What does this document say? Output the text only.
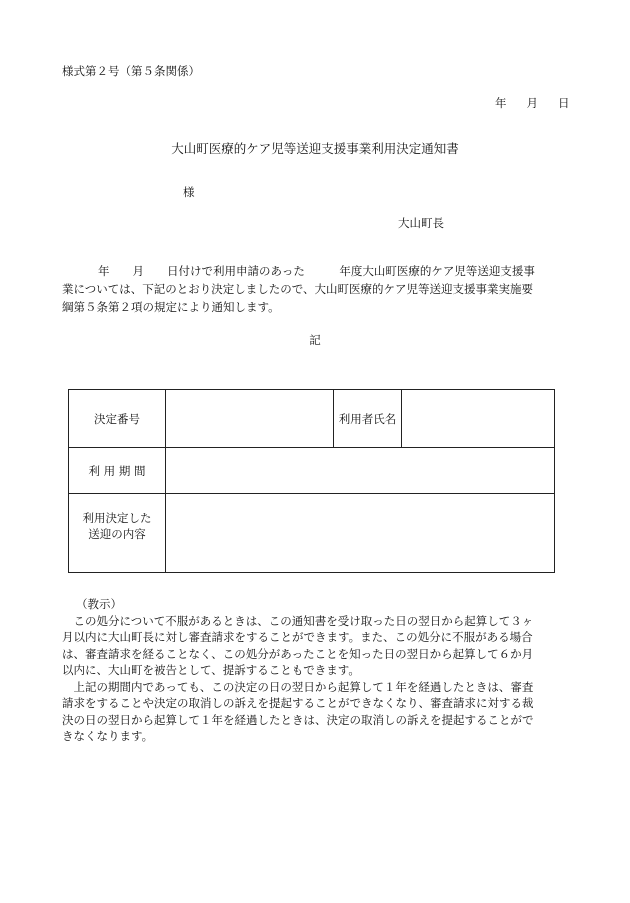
様式第２号（第５条関係）
年 月 日
大山町医療的ケア児等送迎支援事業利用決定通知書
様
大山町長
年　　月　　日付けで利用申請のあった　　　年度大山町医療的ケア児等送迎支援事
業については、下記のとおり決定しましたので、大山町医療的ケア児等送迎支援事業実施要
綱第５条第２項の規定により通知します。
記
決定番号		利用者氏名	
利 用 期 間			

利用決定した
送迎の内容			

（教示）
　この処分について不服があるときは、この通知書を受け取った日の翌日から起算して３ヶ
月以内に大山町長に対し審査請求をすることができます。また、この処分に不服がある場合
は、審査請求を経ることなく、この処分があったことを知った日の翌日から起算して６か月
以内に、大山町を被告として、提訴することもできます。
　上記の期間内であっても、この決定の日の翌日から起算して１年を経過したときは、審査
請求をすることや決定の取消しの訴えを提起することができなくなり、審査請求に対する裁
決の日の翌日から起算して１年を経過したときは、決定の取消しの訴えを提起することがで
きなくなります。
